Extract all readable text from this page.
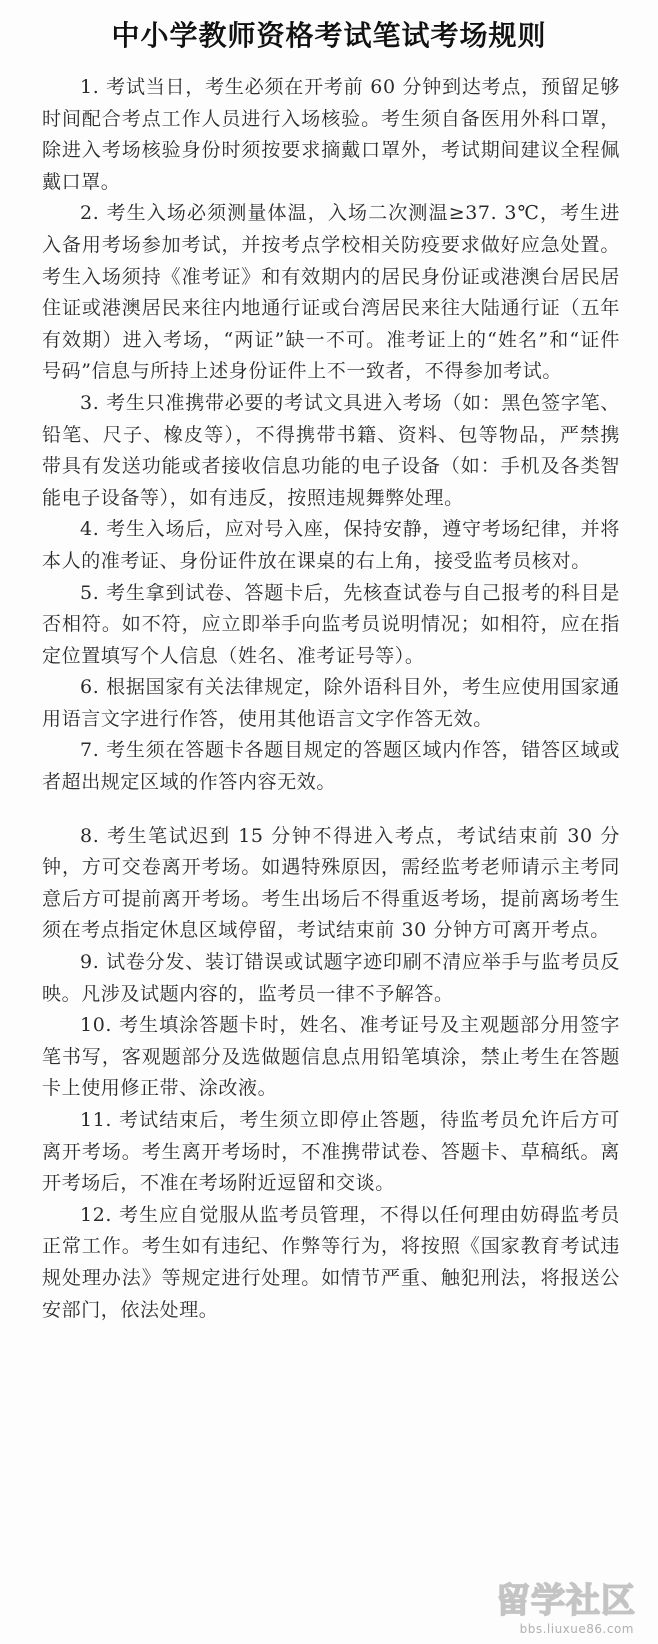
中小学教师资格考试笔试考场规则

1. 考试当日，考生必须在开考前 60 分钟到达考点，预留足够时间配合考点工作人员进行入场核验。考生须自备医用外科口罩，除进入考场核验身份时须按要求摘戴口罩外，考试期间建议全程佩戴口罩。

2. 考生入场必须测量体温，入场二次测温≥37. 3℃，考生进入备用考场参加考试，并按考点学校相关防疫要求做好应急处置。考生入场须持《准考证》和有效期内的居民身份证或港澳台居民居住证或港澳居民来往内地通行证或台湾居民来往大陆通行证（五年有效期）进入考场，“两证”缺一不可。准考证上的“姓名”和“证件号码”信息与所持上述身份证件上不一致者，不得参加考试。

3. 考生只准携带必要的考试文具进入考场（如：黑色签字笔、铅笔、尺子、橡皮等），不得携带书籍、资料、包等物品，严禁携带具有发送功能或者接收信息功能的电子设备（如：手机及各类智能电子设备等），如有违反，按照违规舞弊处理。

4. 考生入场后，应对号入座，保持安静，遵守考场纪律，并将本人的准考证、身份证件放在课桌的右上角，接受监考员核对。

5. 考生拿到试卷、答题卡后，先核查试卷与自己报考的科目是否相符。如不符，应立即举手向监考员说明情况；如相符，应在指定位置填写个人信息（姓名、准考证号等）。

6. 根据国家有关法律规定，除外语科目外，考生应使用国家通用语言文字进行作答，使用其他语言文字作答无效。

7. 考生须在答题卡各题目规定的答题区域内作答，错答区域或者超出规定区域的作答内容无效。

8. 考生笔试迟到 15 分钟不得进入考点，考试结束前 30 分钟，方可交卷离开考场。如遇特殊原因，需经监考老师请示主考同意后方可提前离开考场。考生出场后不得重返考场，提前离场考生须在考点指定休息区域停留，考试结束前 30 分钟方可离开考点。

9. 试卷分发、装订错误或试题字迹印刷不清应举手与监考员反映。凡涉及试题内容的，监考员一律不予解答。

10. 考生填涂答题卡时，姓名、准考证号及主观题部分用签字笔书写，客观题部分及选做题信息点用铅笔填涂，禁止考生在答题卡上使用修正带、涂改液。

11. 考试结束后，考生须立即停止答题，待监考员允许后方可离开考场。考生离开考场时，不准携带试卷、答题卡、草稿纸。离开考场后，不准在考场附近逗留和交谈。

12. 考生应自觉服从监考员管理，不得以任何理由妨碍监考员正常工作。考生如有违纪、作弊等行为，将按照《国家教育考试违规处理办法》等规定进行处理。如情节严重、触犯刑法，将报送公安部门，依法处理。

留学社区
bbs.liuxue86.com
